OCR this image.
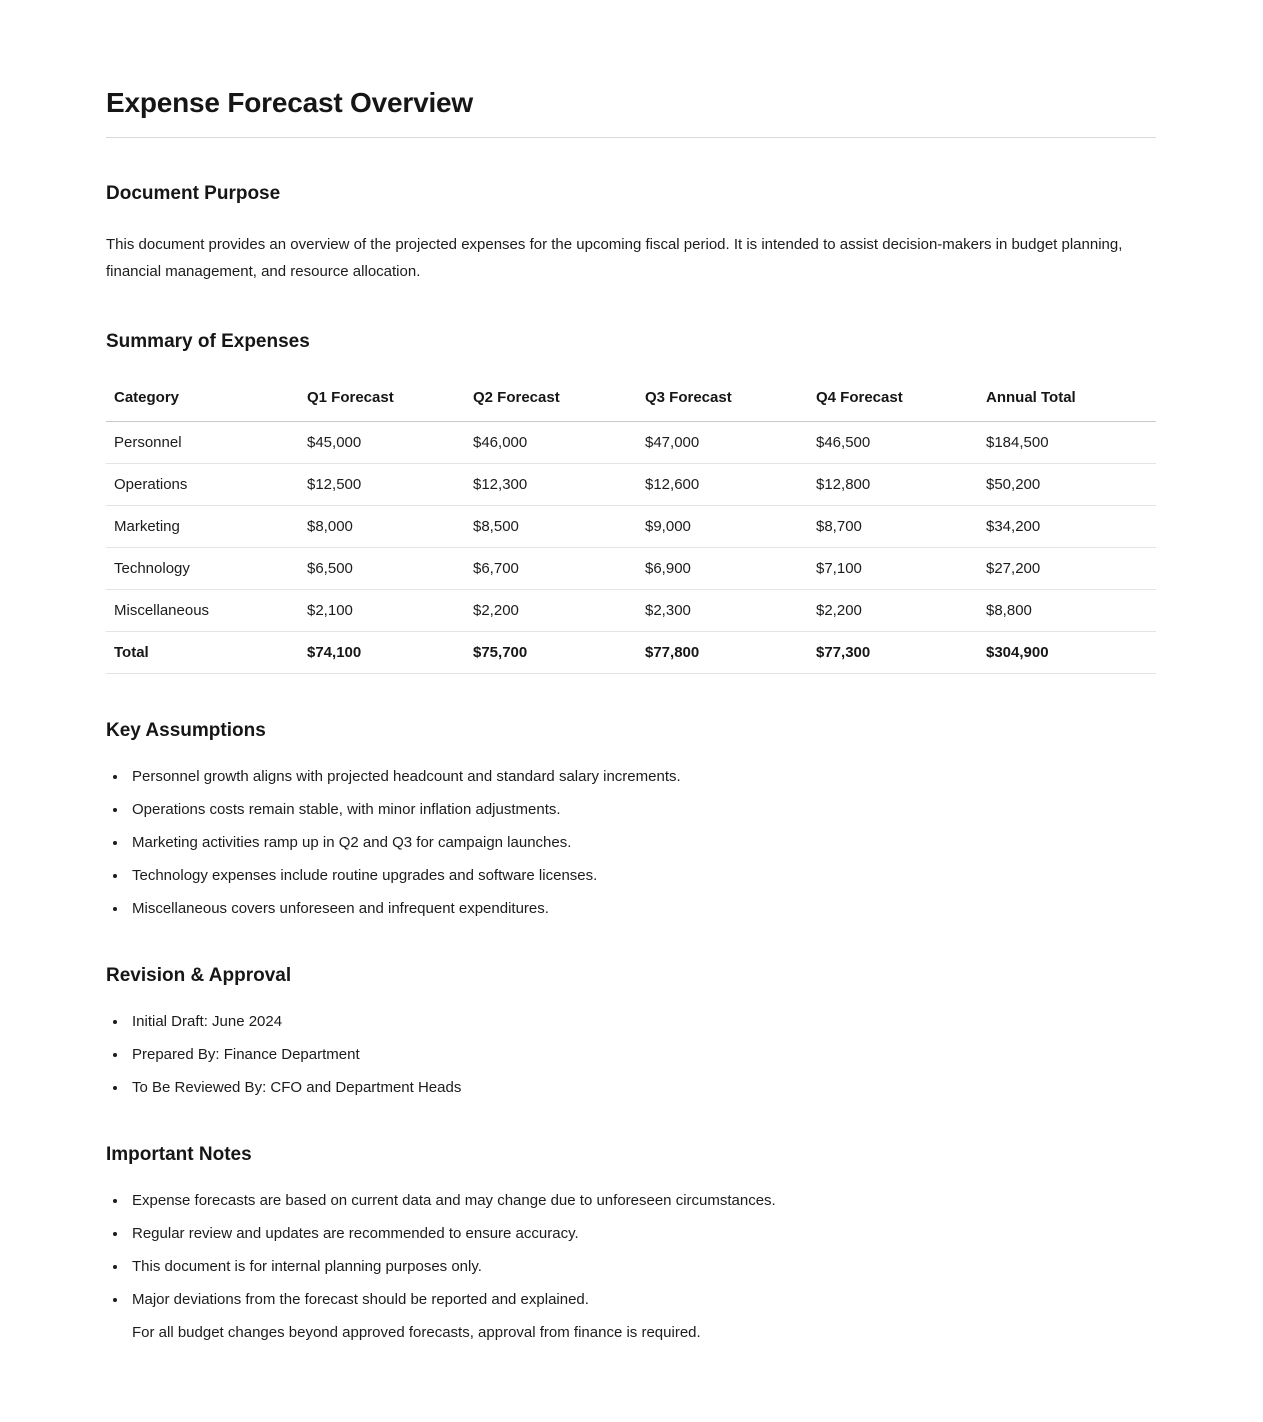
Expense Forecast Overview
Document Purpose

This document provides an overview of the projected expenses for the upcoming fiscal period. It is intended to assist decision-makers in budget planning, financial management, and resource allocation.

Summary of Expenses
Category	Q1 Forecast	Q2 Forecast	Q3 Forecast	Q4 Forecast	Annual Total
Personnel	$45,000	$46,000	$47,000	$46,500	$184,500
Operations	$12,500	$12,300	$12,600	$12,800	$50,200
Marketing	$8,000	$8,500	$9,000	$8,700	$34,200
Technology	$6,500	$6,700	$6,900	$7,100	$27,200
Miscellaneous	$2,100	$2,200	$2,300	$2,200	$8,800
Total	$74,100	$75,700	$77,800	$77,300	$304,900
Key Assumptions
• Personnel growth aligns with projected headcount and standard salary increments.
• Operations costs remain stable, with minor inflation adjustments.
• Marketing activities ramp up in Q2 and Q3 for campaign launches.
• Technology expenses include routine upgrades and software licenses.
• Miscellaneous covers unforeseen and infrequent expenditures.
Revision & Approval
• Initial Draft: June 2024
• Prepared By: Finance Department
• To Be Reviewed By: CFO and Department Heads
Important Notes
• Expense forecasts are based on current data and may change due to unforeseen circumstances.
• Regular review and updates are recommended to ensure accuracy.
• This document is for internal planning purposes only.
• Major deviations from the forecast should be reported and explained.
For all budget changes beyond approved forecasts, approval from finance is required.
